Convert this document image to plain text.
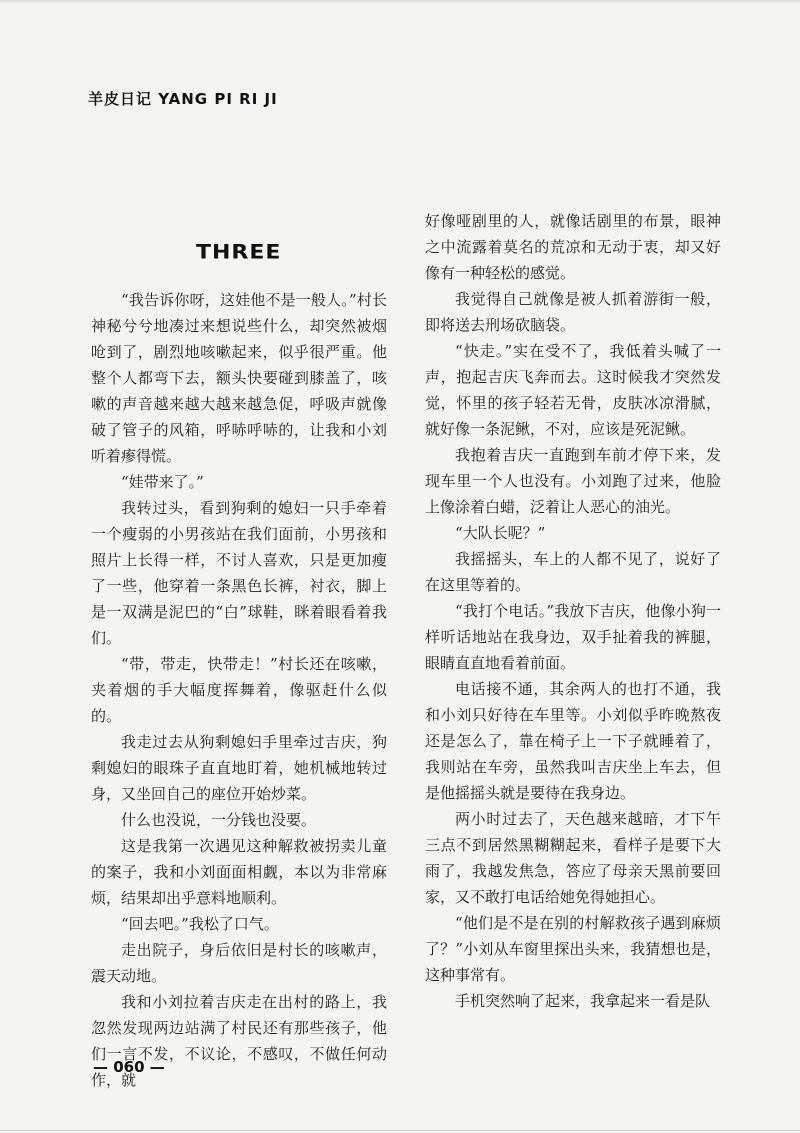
羊皮日记 YANG PI RI JI
THREE

“我告诉你呀，这娃他不是一般人。”村长神秘兮兮地凑过来想说些什么，却突然被烟呛到了，剧烈地咳嗽起来，似乎很严重。他整个人都弯下去，额头快要碰到膝盖了，咳嗽的声音越来越大越来越急促，呼吸声就像破了管子的风箱，呼哧呼哧的，让我和小刘听着瘆得慌。

“娃带来了。”

我转过头，看到狗剩的媳妇一只手牵着一个瘦弱的小男孩站在我们面前，小男孩和照片上长得一样，不讨人喜欢，只是更加瘦了一些，他穿着一条黑色长裤，衬衣，脚上是一双满是泥巴的“白”球鞋，眯着眼看着我们。

“带，带走，快带走！”村长还在咳嗽，夹着烟的手大幅度挥舞着，像驱赶什么似的。

我走过去从狗剩媳妇手里牵过吉庆，狗剩媳妇的眼珠子直直地盯着，她机械地转过身，又坐回自己的座位开始炒菜。

什么也没说，一分钱也没要。

这是我第一次遇见这种解救被拐卖儿童的案子，我和小刘面面相觑，本以为非常麻烦，结果却出乎意料地顺利。

“回去吧。”我松了口气。

走出院子，身后依旧是村长的咳嗽声，震天动地。

我和小刘拉着吉庆走在出村的路上，我忽然发现两边站满了村民还有那些孩子，他们一言不发，不议论，不感叹，不做任何动作，就

好像哑剧里的人，就像话剧里的布景，眼神之中流露着莫名的荒凉和无动于衷，却又好像有一种轻松的感觉。

我觉得自己就像是被人抓着游街一般，即将送去刑场砍脑袋。

“快走。”实在受不了，我低着头喊了一声，抱起吉庆飞奔而去。这时候我才突然发觉，怀里的孩子轻若无骨，皮肤冰凉滑腻，就好像一条泥鳅，不对，应该是死泥鳅。

我抱着吉庆一直跑到车前才停下来，发现车里一个人也没有。小刘跑了过来，他脸上像涂着白蜡，泛着让人恶心的油光。

“大队长呢？”

我摇摇头，车上的人都不见了，说好了在这里等着的。

“我打个电话。”我放下吉庆，他像小狗一样听话地站在我身边，双手扯着我的裤腿，眼睛直直地看着前面。

电话接不通，其余两人的也打不通，我和小刘只好待在车里等。小刘似乎昨晚熬夜还是怎么了，靠在椅子上一下子就睡着了，我则站在车旁，虽然我叫吉庆坐上车去，但是他摇摇头就是要待在我身边。

两小时过去了，天色越来越暗，才下午三点不到居然黑糊糊起来，看样子是要下大雨了，我越发焦急，答应了母亲天黑前要回家，又不敢打电话给她免得她担心。

“他们是不是在别的村解救孩子遇到麻烦了？”小刘从车窗里探出头来，我猜想也是，这种事常有。

手机突然响了起来，我拿起来一看是队

— 060 —
